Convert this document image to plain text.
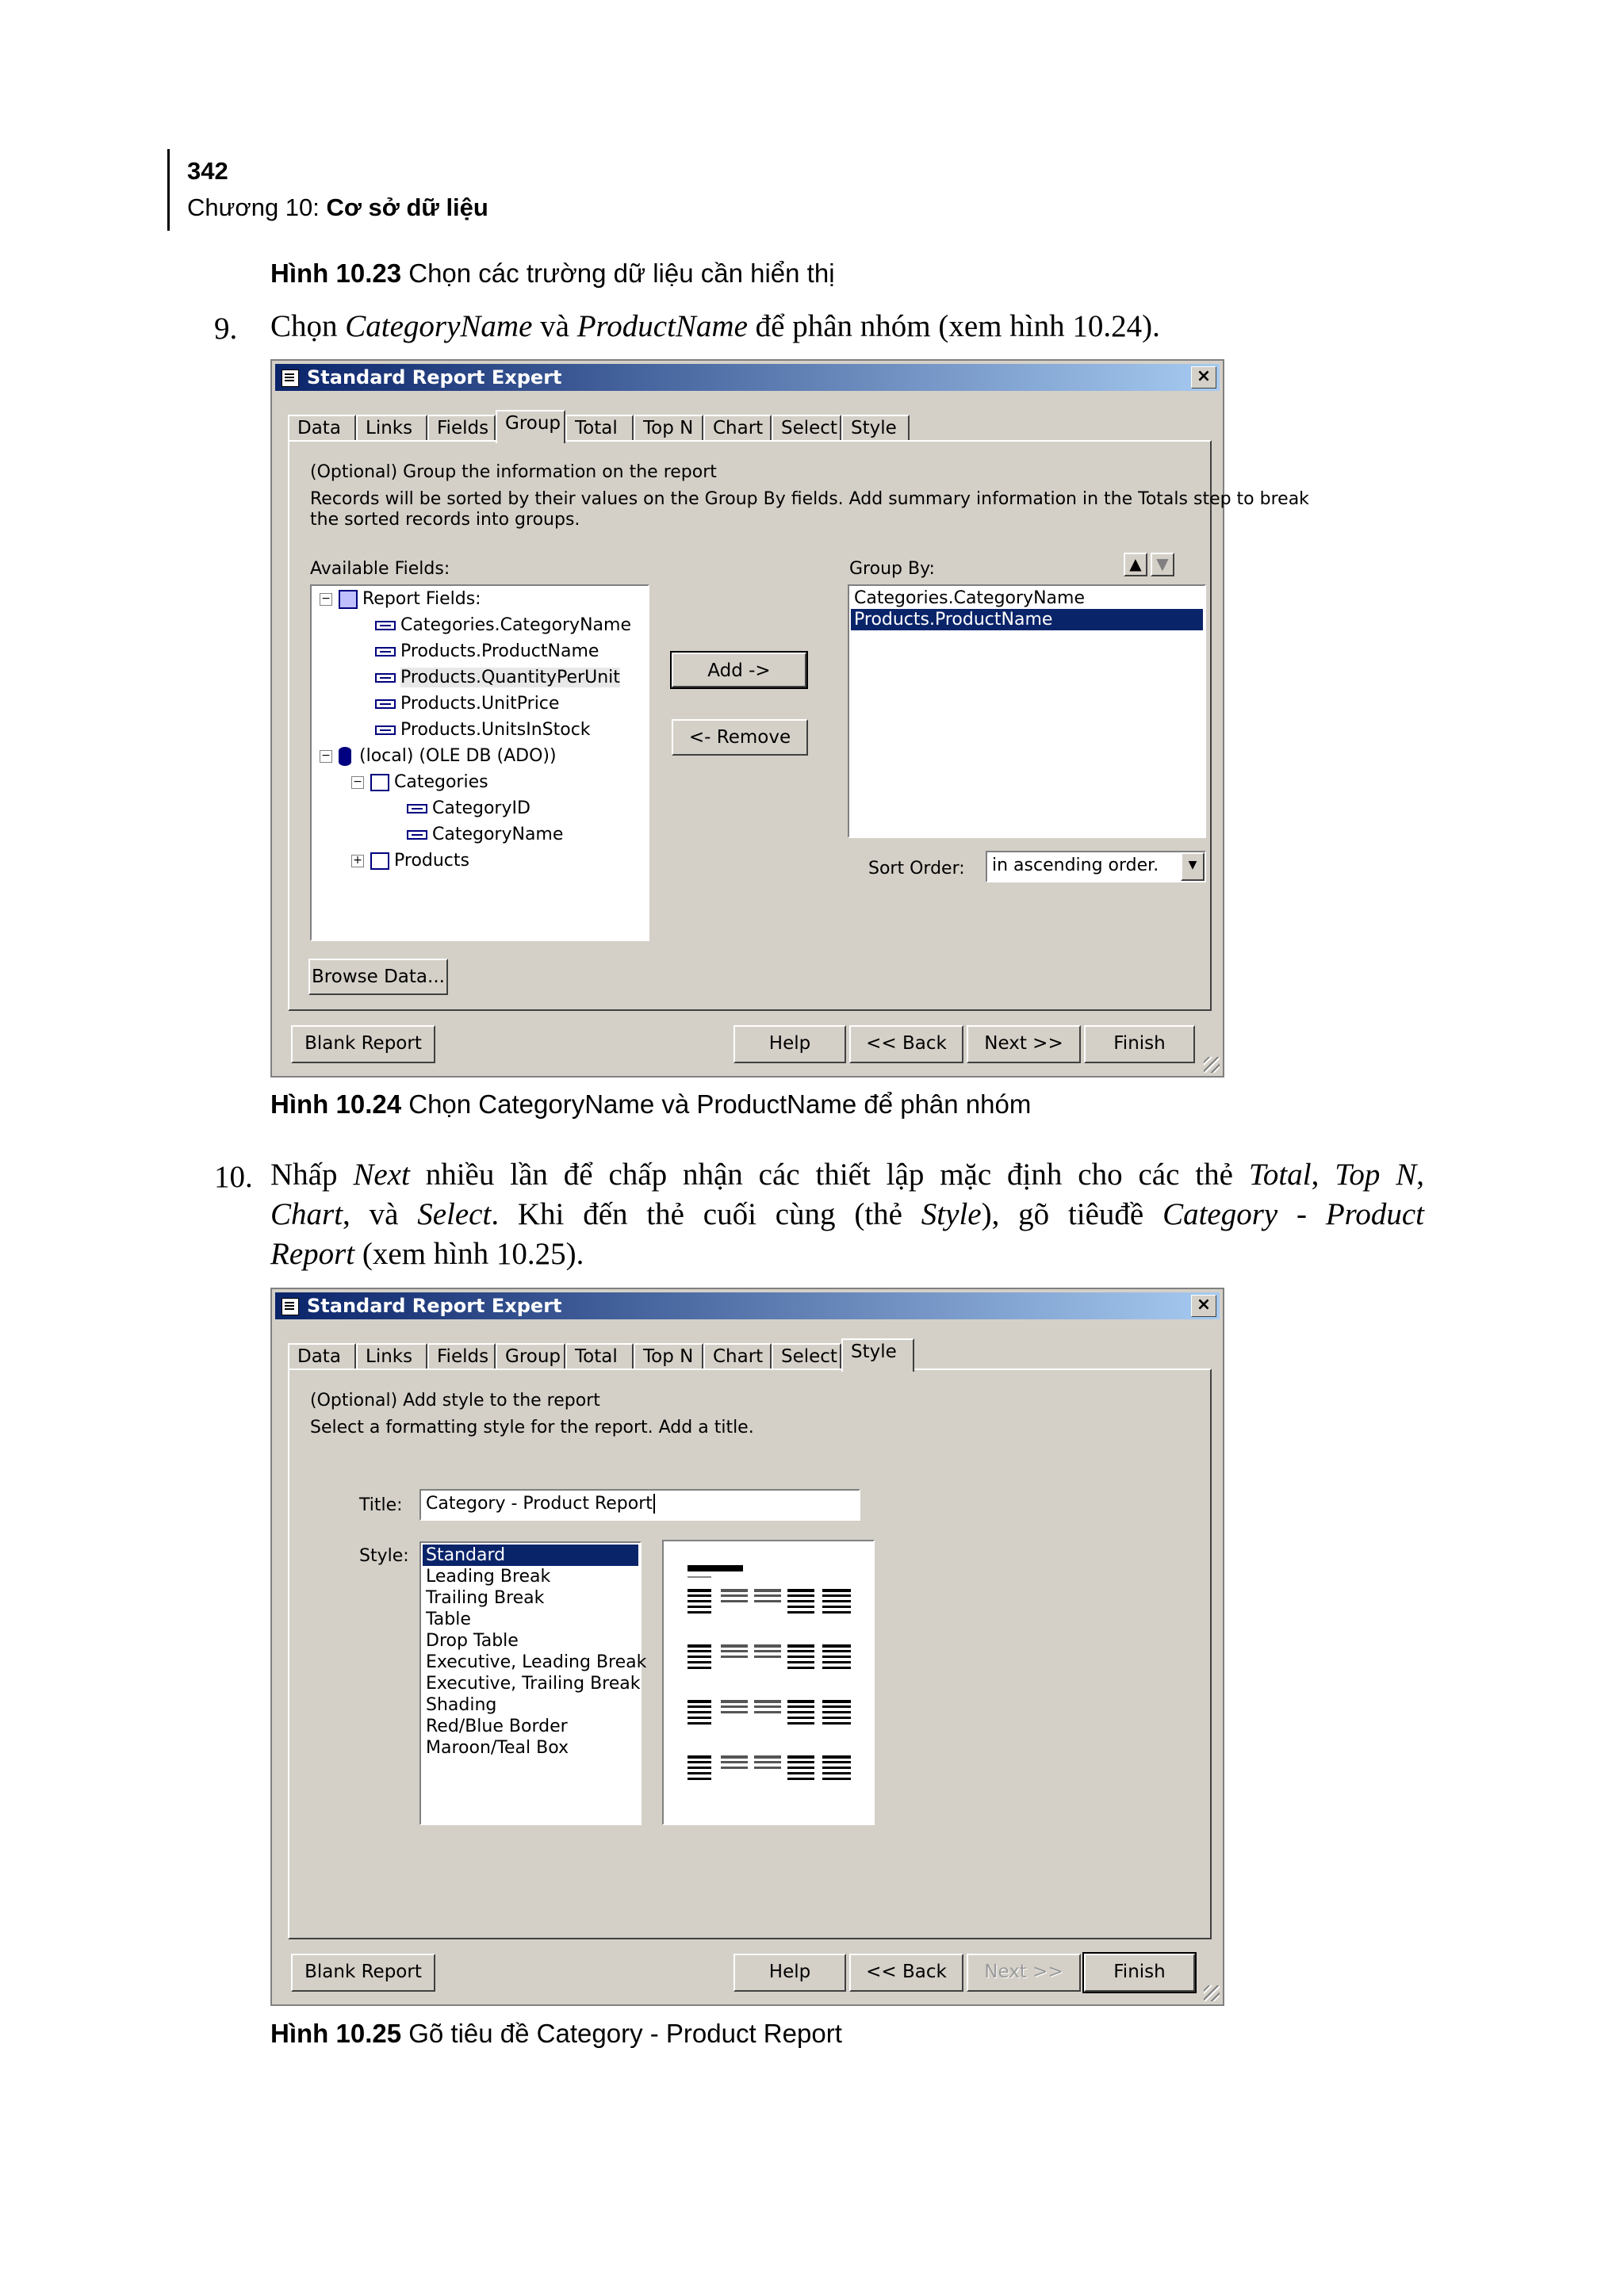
342
Chương 10: Cơ sở dữ liệu
Hình 10.23 Chọn các trường dữ liệu cần hiển thị
9. Chọn CategoryName và ProductName để phân nhóm (xem hình 10.24).
Standard Report Expert	×
Data	Links	Fields Group Total	Top N	Chart Select Style
(Optional) Group the information on the report
Records will be sorted by their values on the Group By fields. Add summary information in the Totals step to break
the sorted records into groups.
Available Fields:	Group By:	▲ ▼
− Report Fields:
Categories.CategoryName
Products.ProductName
Products.QuantityPerUnit
Products.UnitPrice
Products.UnitsInStock
− (local) (OLE DB (ADO))
− Categories
CategoryID
CategoryName
+ Products
Add ->
<- Remove
Categories.CategoryName
Products.ProductName
Sort Order:	in ascending order.	▼
Browse Data...
Blank Report	Help	<< Back	Next >>	Finish
Hình 10.24 Chọn CategoryName và ProductName để phân nhóm
10. Nhấp Next nhiều lần để chấp nhận các thiết lập mặc định cho các thẻ Total, Top N,
Chart, và Select. Khi đến thẻ cuối cùng (thẻ Style), gõ tiêuđề Category - Product
Report (xem hình 10.25).
Standard Report Expert	×
Data	Links	Fields Group Total	Top N	Chart Select Style
(Optional) Add style to the report
Select a formatting style for the report. Add a title.
Title:	Category - Product Report
Style: Standard
Leading Break
Trailing Break
Table
Drop Table
Executive, Leading Break
Executive, Trailing Break
Shading
Red/Blue Border
Maroon/Teal Box
Blank Report	Help	<< Back	Next >>	Finish
Hình 10.25 Gõ tiêu đề Category - Product Report
